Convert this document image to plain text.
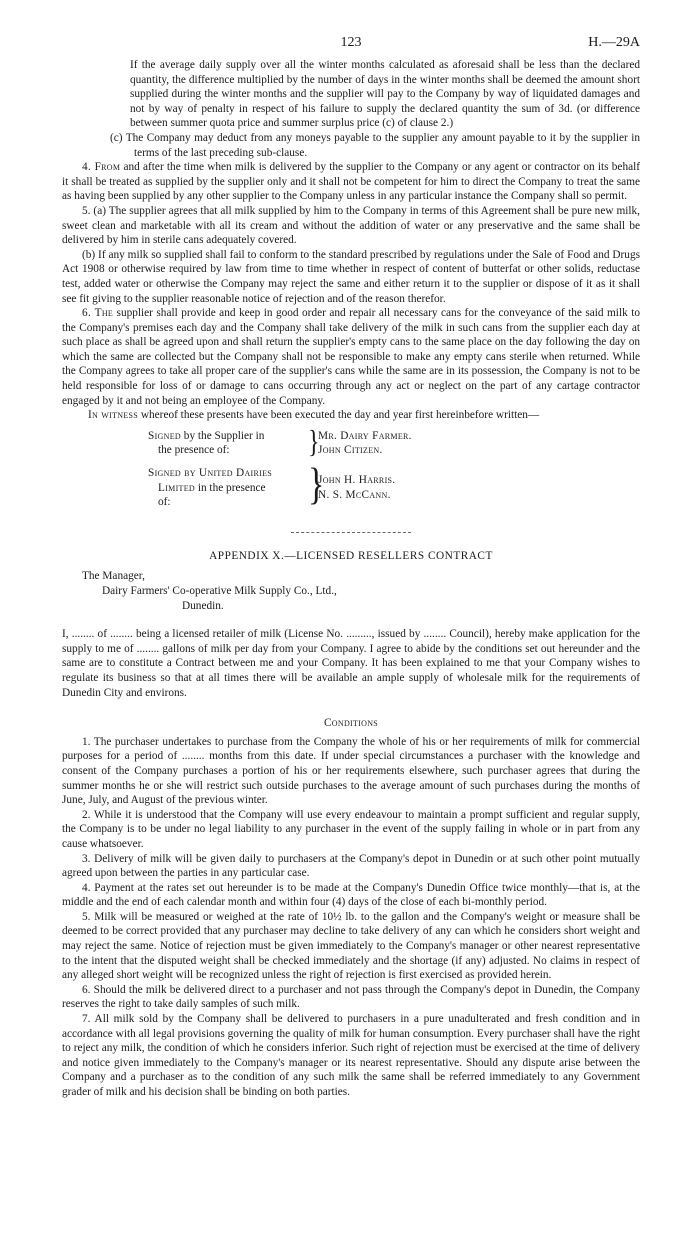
123	H.—29A

If the average daily supply over all the winter months calculated as aforesaid shall be less than the declared quantity, the difference multiplied by the number of days in the winter months shall be deemed the amount short supplied during the winter months and the supplier will pay to the Company by way of liquidated damages and not by way of penalty in respect of his failure to supply the declared quantity the sum of 3d. (or difference between summer quota price and summer surplus price (c) of clause 2.)

(c) The Company may deduct from any moneys payable to the supplier any amount payable to it by the supplier in terms of the last preceding sub-clause.

4. From and after the time when milk is delivered by the supplier to the Company or any agent or contractor on its behalf it shall be treated as supplied by the supplier only and it shall not be competent for him to direct the Company to treat the same as having been supplied by any other supplier to the Company unless in any particular instance the Company shall so permit.

5. (a) The supplier agrees that all milk supplied by him to the Company in terms of this Agreement shall be pure new milk, sweet clean and marketable with all its cream and without the addition of water or any preservative and the same shall be delivered by him in sterile cans adequately covered.

(b) If any milk so supplied shall fail to conform to the standard prescribed by regulations under the Sale of Food and Drugs Act 1908 or otherwise required by law from time to time whether in respect of content of butterfat or other solids, reductase test, added water or otherwise the Company may reject the same and either return it to the supplier or dispose of it as it shall see fit giving to the supplier reasonable notice of rejection and of the reason therefor.

6. The supplier shall provide and keep in good order and repair all necessary cans for the conveyance of the said milk to the Company's premises each day and the Company shall take delivery of the milk in such cans from the supplier each day at such place as shall be agreed upon and shall return the supplier's empty cans to the same place on the day following the day on which the same are collected but the Company shall not be responsible to make any empty cans sterile when returned. While the Company agrees to take all proper care of the supplier's cans while the same are in its possession, the Company is not to be held responsible for loss of or damage to cans occurring through any act or neglect on the part of any cartage contractor engaged by it and not being an employee of the Company.

In witness whereof these presents have been executed the day and year first hereinbefore written—

Signed by the Supplier in
the presence of:	}
Mr. Dairy Farmer.
John Citizen.
Signed by United Dairies
Limited in the presence
of:	}
John H. Harris.
N. S. McCann.
APPENDIX X.—LICENSED RESELLERS CONTRACT
The Manager,
Dairy Farmers' Co-operative Milk Supply Co., Ltd.,
Dunedin.

I, ........ of ........ being a licensed retailer of milk (License No. ........., issued by ........ Council), hereby make application for the supply to me of ........ gallons of milk per day from your Company. I agree to abide by the conditions set out hereunder and the same are to constitute a Contract between me and your Company. It has been explained to me that your Company wishes to regulate its business so that at all times there will be available an ample supply of wholesale milk for the requirements of Dunedin City and environs.

Conditions

1. The purchaser undertakes to purchase from the Company the whole of his or her requirements of milk for commercial purposes for a period of ........ months from this date. If under special circumstances a purchaser with the knowledge and consent of the Company purchases a portion of his or her requirements elsewhere, such purchaser agrees that during the summer months he or she will restrict such outside purchases to the average amount of such purchases during the months of June, July, and August of the previous winter.

2. While it is understood that the Company will use every endeavour to maintain a prompt sufficient and regular supply, the Company is to be under no legal liability to any purchaser in the event of the supply failing in whole or in part from any cause whatsoever.

3. Delivery of milk will be given daily to purchasers at the Company's depot in Dunedin or at such other point mutually agreed upon between the parties in any particular case.

4. Payment at the rates set out hereunder is to be made at the Company's Dunedin Office twice monthly—that is, at the middle and the end of each calendar month and within four (4) days of the close of each bi-monthly period.

5. Milk will be measured or weighed at the rate of 10½ lb. to the gallon and the Company's weight or measure shall be deemed to be correct provided that any purchaser may decline to take delivery of any can which he considers short weight and may reject the same. Notice of rejection must be given immediately to the Company's manager or other nearest representative to the intent that the disputed weight shall be checked immediately and the shortage (if any) adjusted. No claims in respect of any alleged short weight will be recognized unless the right of rejection is first exercised as provided herein.

6. Should the milk be delivered direct to a purchaser and not pass through the Company's depot in Dunedin, the Company reserves the right to take daily samples of such milk.

7. All milk sold by the Company shall be delivered to purchasers in a pure unadulterated and fresh condition and in accordance with all legal provisions governing the quality of milk for human consumption. Every purchaser shall have the right to reject any milk, the condition of which he considers inferior. Such right of rejection must be exercised at the time of delivery and notice given immediately to the Company's manager or its nearest representative. Should any dispute arise between the Company and a purchaser as to the condition of any such milk the same shall be referred immediately to any Government grader of milk and his decision shall be binding on both parties.
